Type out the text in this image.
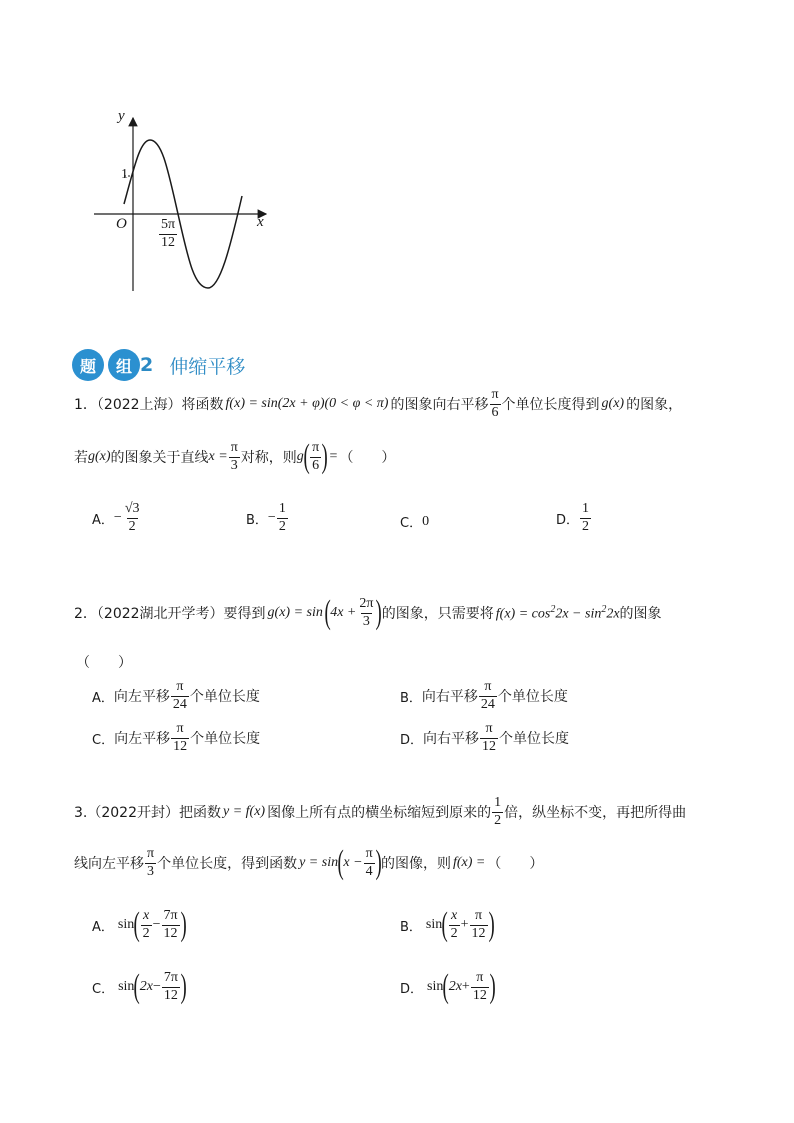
y
x
O
1
$\frac{5\pi}{12}$
题	组 2 伸缩平移
1．（2022上海）将函数 f(x) = sin(2x + φ)(0 < φ < π) 的图象向右平移 $\frac{\pi}{6}$ 个单位长度得到 g(x) 的图象，
若 g(x) 的图象关于直线 $x = \frac{\pi}{3}$ 对称，则 g ( $\frac{\pi}{6}$ ) = （　　）
A． − $\frac{√3}{2}$	B． − $\frac{1}{2}$	C． 0	D． $\frac{1}{2}$
2．（2022湖北开学考）要得到 g(x) = sin ( $4x + \frac{2\pi}{3}$ ) 的图象，只需要将 $f(x) = \cos^22x - \sin^22x$ 的图象
（　　）
A． 向左平移 $\frac{\pi}{24}$ 个单位长度	B． 向右平移 $\frac{\pi}{24}$ 个单位长度
C． 向左平移 $\frac{\pi}{12}$ 个单位长度	D． 向右平移 $\frac{\pi}{12}$ 个单位长度
3.（2022开封）把函数 y = f(x) 图像上所有点的横坐标缩短到原来的 $\frac{1}{2}$ 倍，纵坐标不变，再把所得曲
线向左平移 $\frac{\pi}{3}$ 个单位长度，得到函数 y = sin ( $x - \frac{\pi}{4}$ ) 的图像，则 f(x) = （　　）
A． sin ( $\frac{x}{2} - \frac{7\pi}{12}$ )	B． sin ( $\frac{x}{2} + \frac{\pi}{12}$ )
C． sin ( $2x - \frac{7\pi}{12}$ )	D． sin ( $2x + \frac{\pi}{12}$ )
